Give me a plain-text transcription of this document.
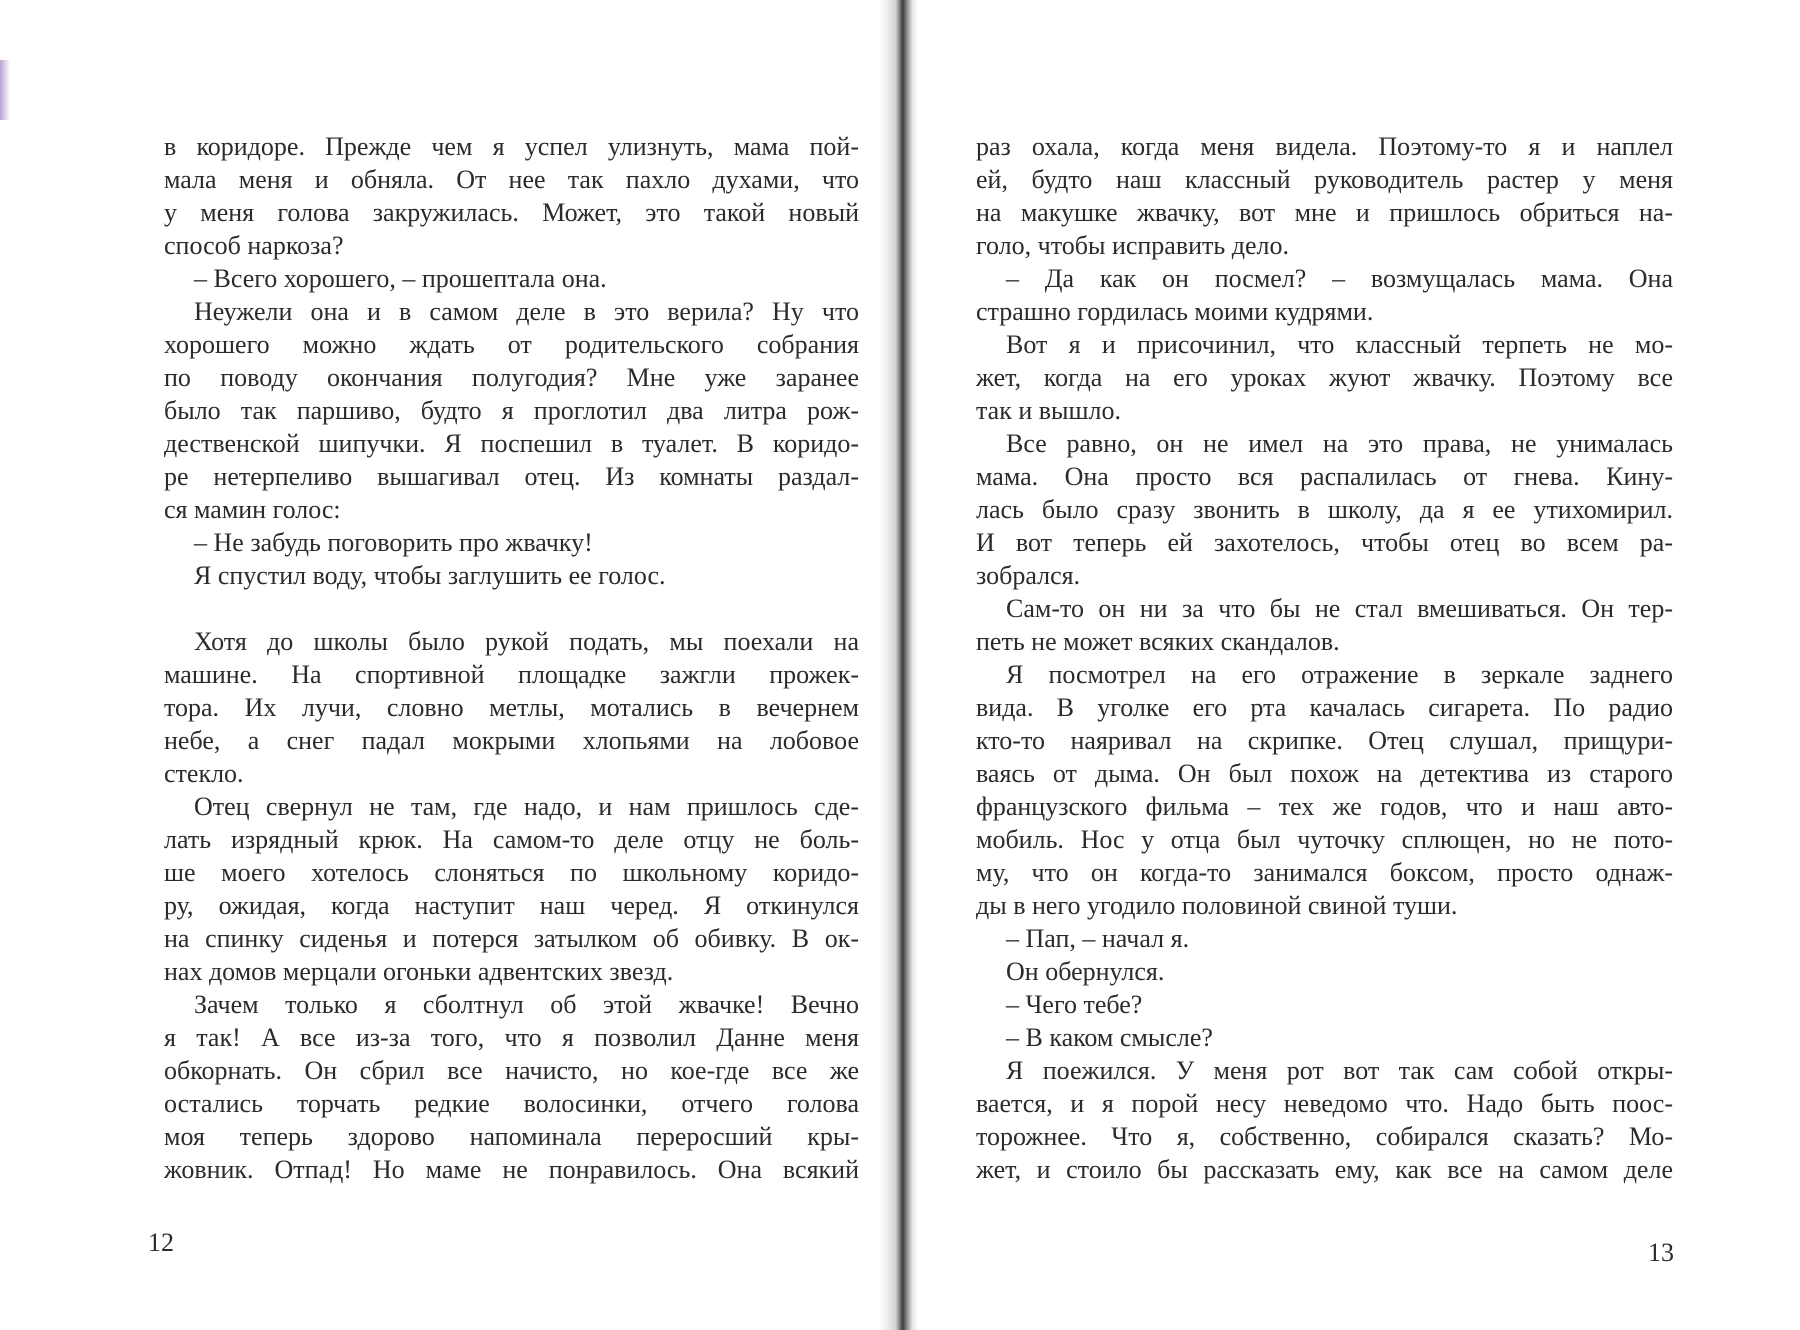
в коридоре. Прежде чем я успел улизнуть, мама пой-
мала меня и обняла. От нее так пахло духами, что
у меня голова закружилась. Может, это такой новый
способ наркоза?
– Всего хорошего, – прошептала она.
Неужели она и в самом деле в это верила? Ну что
хорошего можно ждать от родительского собрания
по поводу окончания полугодия? Мне уже заранее
было так паршиво, будто я проглотил два литра рож-
дественской шипучки. Я поспешил в туалет. В коридо-
ре нетерпеливо вышагивал отец. Из комнаты раздал-
ся мамин голос:
– Не забудь поговорить про жвачку!
Я спустил воду, чтобы заглушить ее голос.
Хотя до школы было рукой подать, мы поехали на
машине. На спортивной площадке зажгли прожек-
тора. Их лучи, словно метлы, мотались в вечернем
небе, а снег падал мокрыми хлопьями на лобовое
стекло.
Отец свернул не там, где надо, и нам пришлось сде-
лать изрядный крюк. На самом-то деле отцу не боль-
ше моего хотелось слоняться по школьному коридо-
ру, ожидая, когда наступит наш черед. Я откинулся
на спинку сиденья и потерся затылком об обивку. В ок-
нах домов мерцали огоньки адвентских звезд.
Зачем только я сболтнул об этой жвачке! Вечно
я так! А все из-за того, что я позволил Данне меня
обкорнать. Он сбрил все начисто, но кое-где все же
остались торчать редкие волосинки, отчего голова
моя теперь здорово напоминала переросший кры-
жовник. Отпад! Но маме не понравилось. Она всякий
раз охала, когда меня видела. Поэтому-то я и наплел
ей, будто наш классный руководитель растер у меня
на макушке жвачку, вот мне и пришлось обриться на-
голо, чтобы исправить дело.
– Да как он посмел? – возмущалась мама. Она
страшно гордилась моими кудрями.
Вот я и присочинил, что классный терпеть не мо-
жет, когда на его уроках жуют жвачку. Поэтому все
так и вышло.
Все равно, он не имел на это права, не унималась
мама. Она просто вся распалилась от гнева. Кину-
лась было сразу звонить в школу, да я ее утихомирил.
И вот теперь ей захотелось, чтобы отец во всем ра-
зобрался.
Сам-то он ни за что бы не стал вмешиваться. Он тер-
петь не может всяких скандалов.
Я посмотрел на его отражение в зеркале заднего
вида. В уголке его рта качалась сигарета. По радио
кто-то наяривал на скрипке. Отец слушал, прищури-
ваясь от дыма. Он был похож на детектива из старого
французского фильма – тех же годов, что и наш авто-
мобиль. Нос у отца был чуточку сплющен, но не пото-
му, что он когда-то занимался боксом, просто однаж-
ды в него угодило половиной свиной туши.
– Пап, – начал я.
Он обернулся.
– Чего тебе?
– В каком смысле?
Я поежился. У меня рот вот так сам собой откры-
вается, и я порой несу неведомо что. Надо быть поос-
торожнее. Что я, собственно, собирался сказать? Мо-
жет, и стоило бы рассказать ему, как все на самом деле
12	13
